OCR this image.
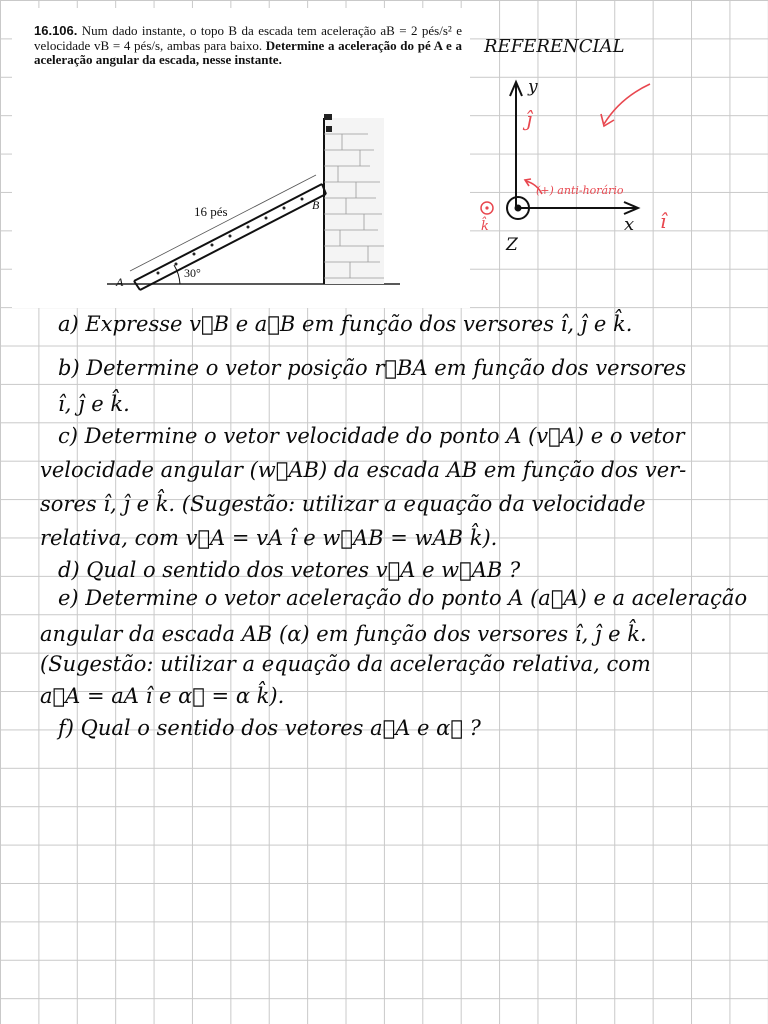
16.106. Num dado instante, o topo B da escada tem aceleração aB = 2 pés/s² e velocidade vB = 4 pés/s, ambas para baixo. Determine a aceleração do pé A e a aceleração angular da escada, nesse instante.
16 pés
30°
A
B
REFERENCIAL
y
ĵ
x î
Z
k̂
(+) anti-horário
a) Expresse v⃗B e a⃗B em função dos versores î, ĵ e k̂.
b) Determine o vetor posição r⃗BA em função dos versores
î, ĵ e k̂.
c) Determine o vetor velocidade do ponto A (v⃗A) e o vetor
velocidade angular (w⃗AB) da escada AB em função dos ver-
sores î, ĵ e k̂. (Sugestão: utilizar a equação da velocidade
relativa, com v⃗A = vA î e w⃗AB = wAB k̂).
d) Qual o sentido dos vetores v⃗A e w⃗AB ?
e) Determine o vetor aceleração do ponto A (a⃗A) e a aceleração
angular da escada AB (α) em função dos versores î, ĵ e k̂.
(Sugestão: utilizar a equação da aceleração relativa, com
a⃗A = aA î e α⃗ = α k̂).
f) Qual o sentido dos vetores a⃗A e α⃗ ?
